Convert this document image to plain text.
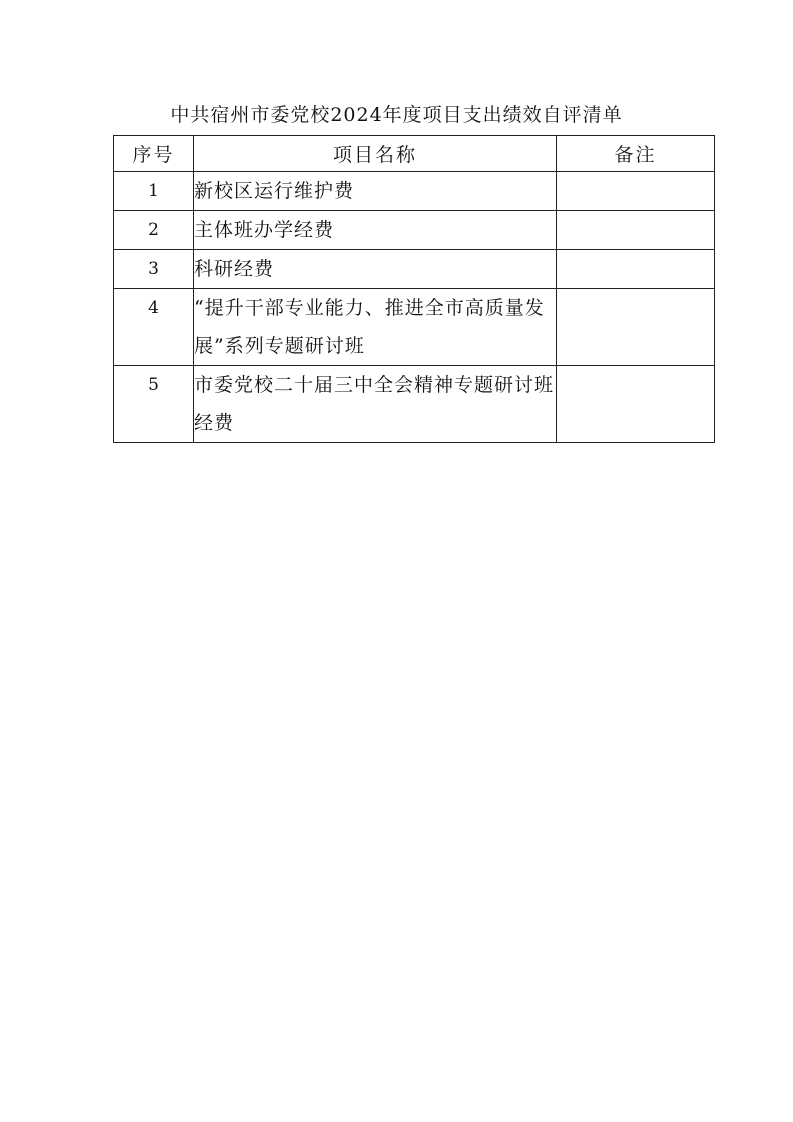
中共宿州市委党校2024年度项目支出绩效自评清单
序号	项目名称	备注
1	新校区运行维护费	
2	主体班办学经费	
3	科研经费	
4	“提升干部专业能力、推进全市高质量发展”系列专题研讨班	
5	市委党校二十届三中全会精神专题研讨班经费	
